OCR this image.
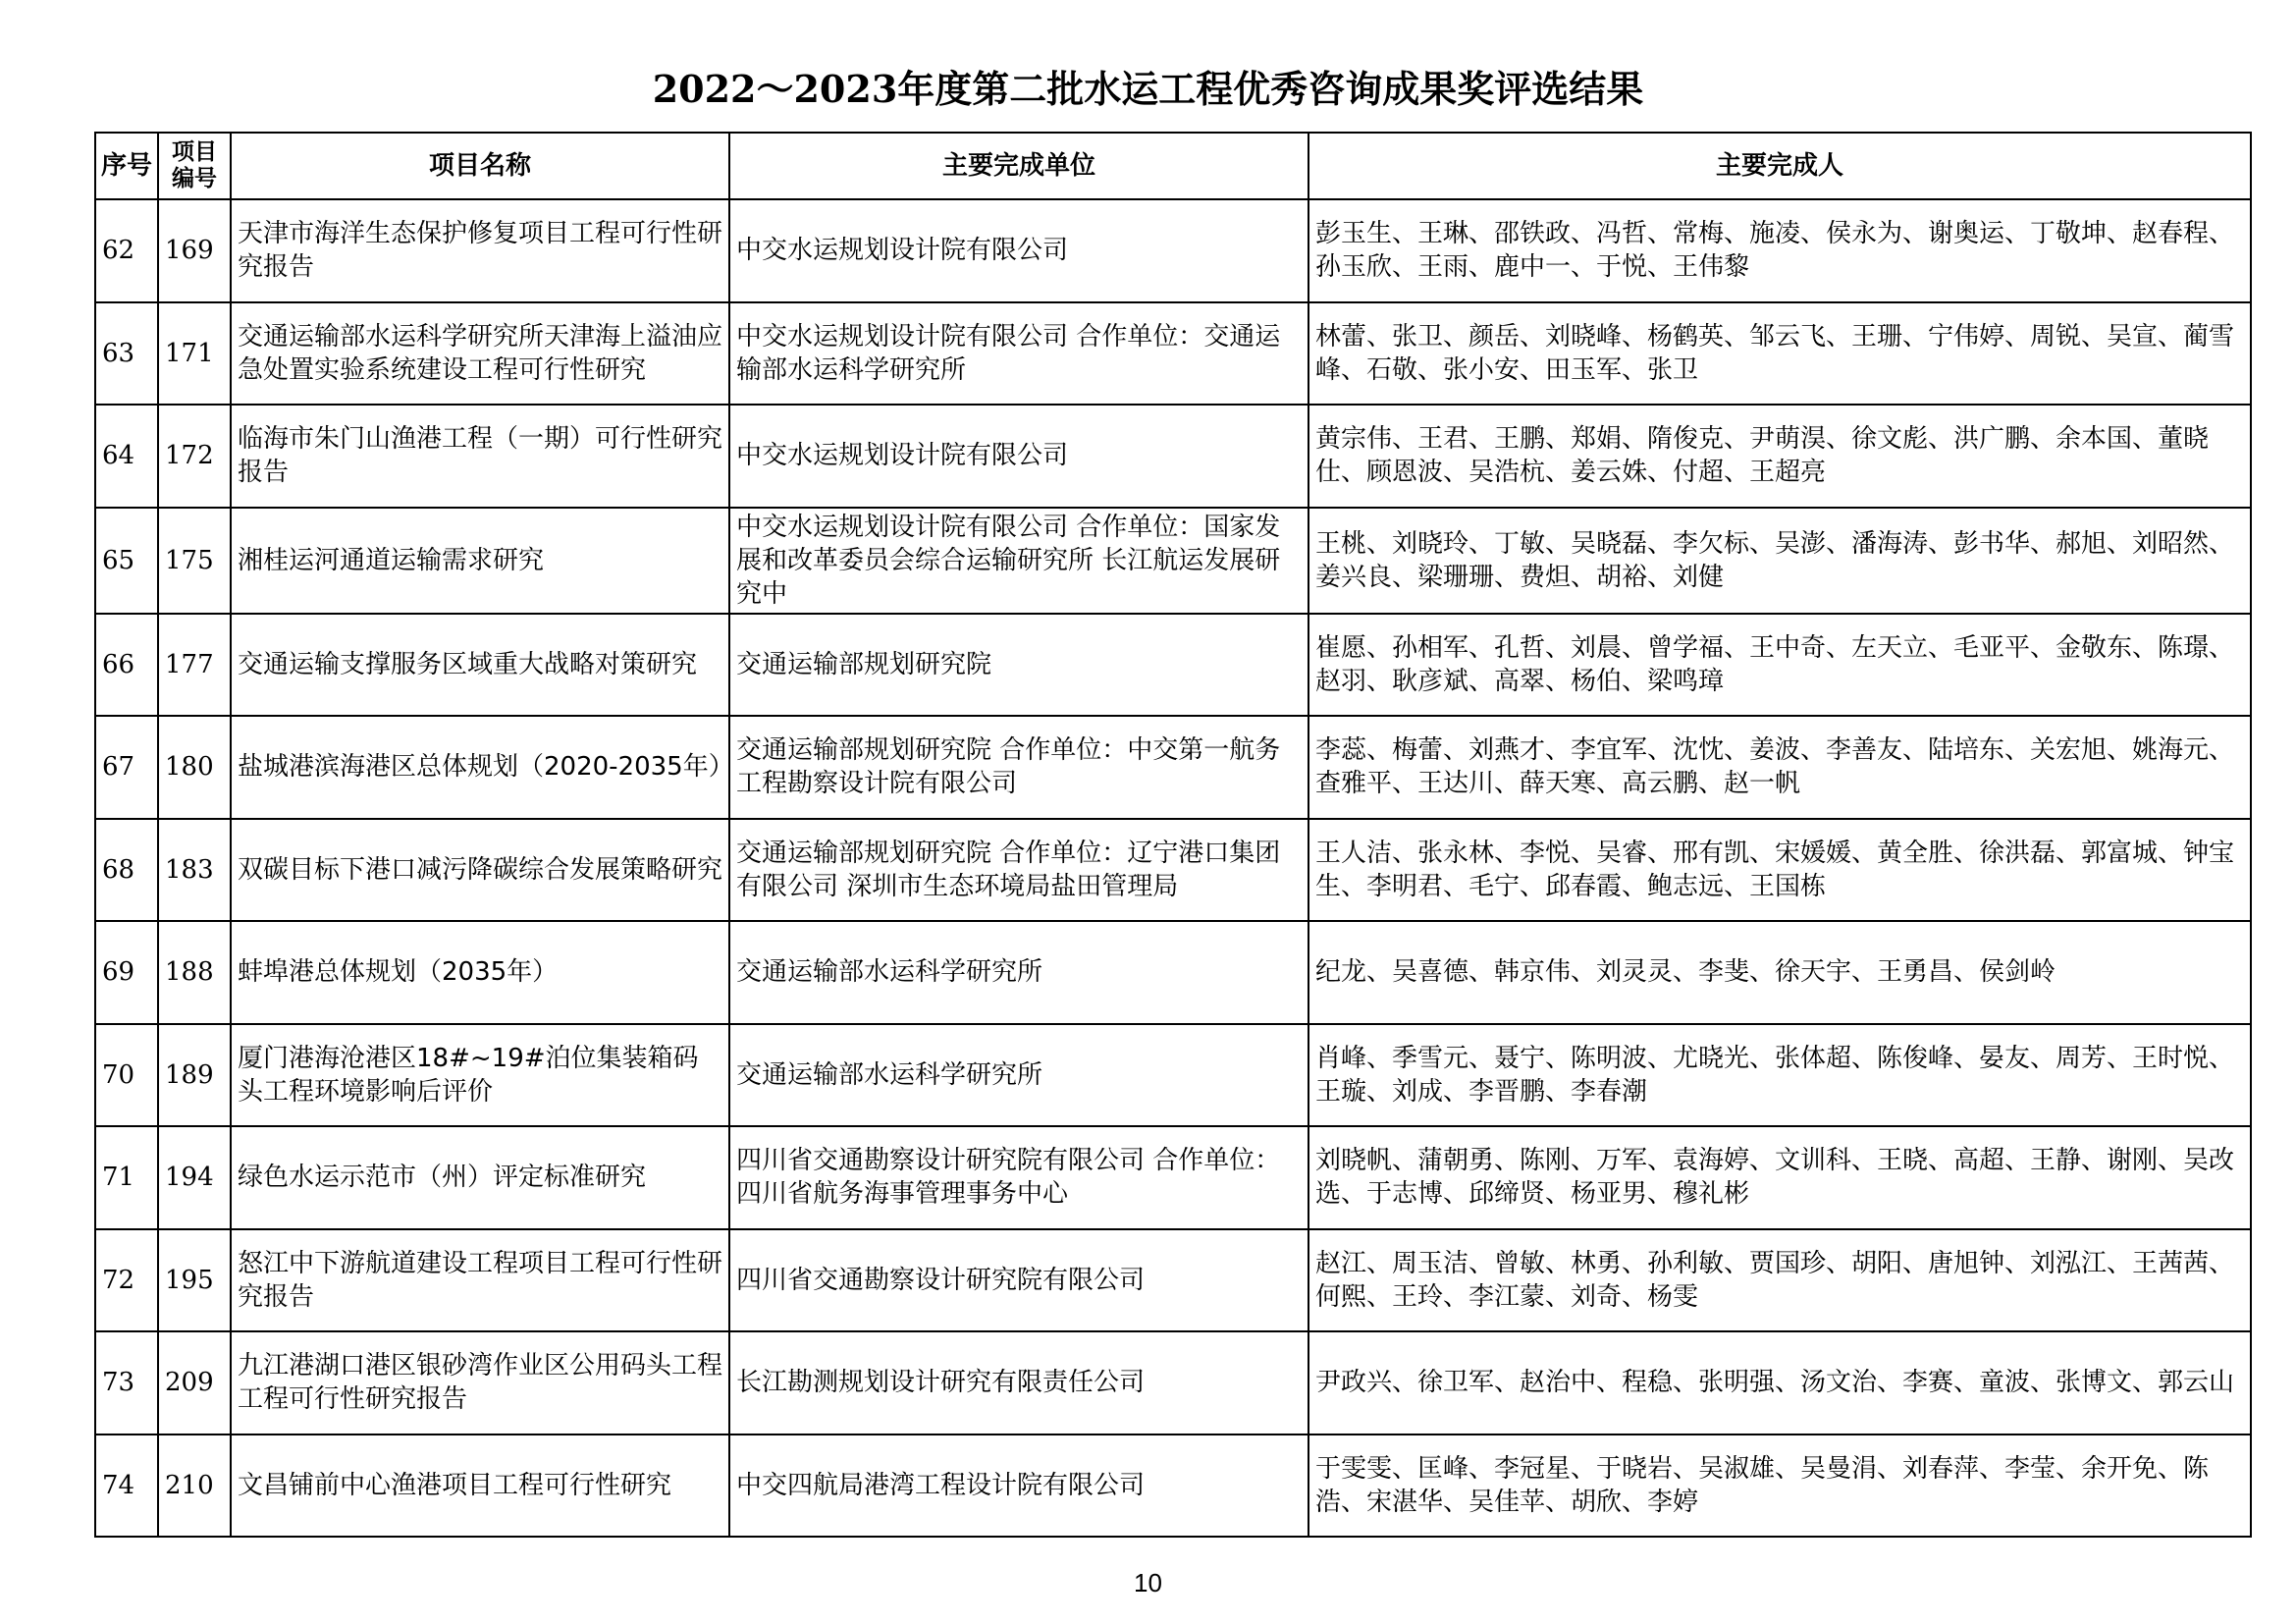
2022～2023年度第二批水运工程优秀咨询成果奖评选结果
序号	项目编号	项目名称	主要完成单位	主要完成人
62	169	天津市海洋生态保护修复项目工程可行性研究报告	中交水运规划设计院有限公司	彭玉生、王琳、邵铁政、冯哲、常梅、施凌、侯永为、谢奥运、丁敬坤、赵春程、孙玉欣、王雨、鹿中一、于悦、王伟黎
63	171	交通运输部水运科学研究所天津海上溢油应急处置实验系统建设工程可行性研究	中交水运规划设计院有限公司 合作单位：交通运输部水运科学研究所	林蕾、张卫、颜岳、刘晓峰、杨鹤英、邹云飞、王珊、宁伟婷、周锐、吴宣、蔺雪峰、石敬、张小安、田玉军、张卫
64	172	临海市朱门山渔港工程（一期）可行性研究报告	中交水运规划设计院有限公司	黄宗伟、王君、王鹏、郑娟、隋俊克、尹萌淏、徐文彪、洪广鹏、余本国、董晓仕、顾恩波、吴浩杭、姜云姝、付超、王超亮
65	175	湘桂运河通道运输需求研究	中交水运规划设计院有限公司 合作单位：国家发展和改革委员会综合运输研究所 长江航运发展研究中	王桃、刘晓玲、丁敏、吴晓磊、李欠标、吴澎、潘海涛、彭书华、郝旭、刘昭然、姜兴良、梁珊珊、费炟、胡裕、刘健
66	177	交通运输支撑服务区域重大战略对策研究	交通运输部规划研究院	崔愿、孙相军、孔哲、刘晨、曾学福、王中奇、左天立、毛亚平、金敬东、陈璟、赵羽、耿彦斌、高翠、杨伯、梁鸣璋
67	180	盐城港滨海港区总体规划（2020-2035年）	交通运输部规划研究院 合作单位：中交第一航务工程勘察设计院有限公司	李蕊、梅蕾、刘燕才、李宜军、沈忱、姜波、李善友、陆培东、关宏旭、姚海元、查雅平、王达川、薛天寒、高云鹏、赵一帆
68	183	双碳目标下港口减污降碳综合发展策略研究	交通运输部规划研究院 合作单位：辽宁港口集团有限公司 深圳市生态环境局盐田管理局	王人洁、张永林、李悦、吴睿、邢有凯、宋媛媛、黄全胜、徐洪磊、郭富城、钟宝生、李明君、毛宁、邱春霞、鲍志远、王国栋
69	188	蚌埠港总体规划（2035年）	交通运输部水运科学研究所	纪龙、吴喜德、韩京伟、刘灵灵、李斐、徐天宇、王勇昌、侯剑岭
70	189	厦门港海沧港区18#~19#泊位集装箱码头工程环境影响后评价	交通运输部水运科学研究所	肖峰、季雪元、聂宁、陈明波、尤晓光、张体超、陈俊峰、晏友、周芳、王时悦、王璇、刘成、李晋鹏、李春潮
71	194	绿色水运示范市（州）评定标准研究	四川省交通勘察设计研究院有限公司 合作单位：四川省航务海事管理事务中心	刘晓帆、蒲朝勇、陈刚、万军、袁海婷、文训科、王晓、高超、王静、谢刚、吴改选、于志博、邱缔贤、杨亚男、穆礼彬
72	195	怒江中下游航道建设工程项目工程可行性研究报告	四川省交通勘察设计研究院有限公司	赵江、周玉洁、曾敏、林勇、孙利敏、贾国珍、胡阳、唐旭钟、刘泓江、王茜茜、何熙、王玲、李江蒙、刘奇、杨雯
73	209	九江港湖口港区银砂湾作业区公用码头工程工程可行性研究报告	长江勘测规划设计研究有限责任公司	尹政兴、徐卫军、赵治中、程稳、张明强、汤文治、李赛、童波、张博文、郭云山
74	210	文昌铺前中心渔港项目工程可行性研究	中交四航局港湾工程设计院有限公司	于雯雯、匡峰、李冠星、于晓岩、吴淑雄、吴曼涓、刘春萍、李莹、余开免、陈浩、宋湛华、吴佳苹、胡欣、李婷
10
